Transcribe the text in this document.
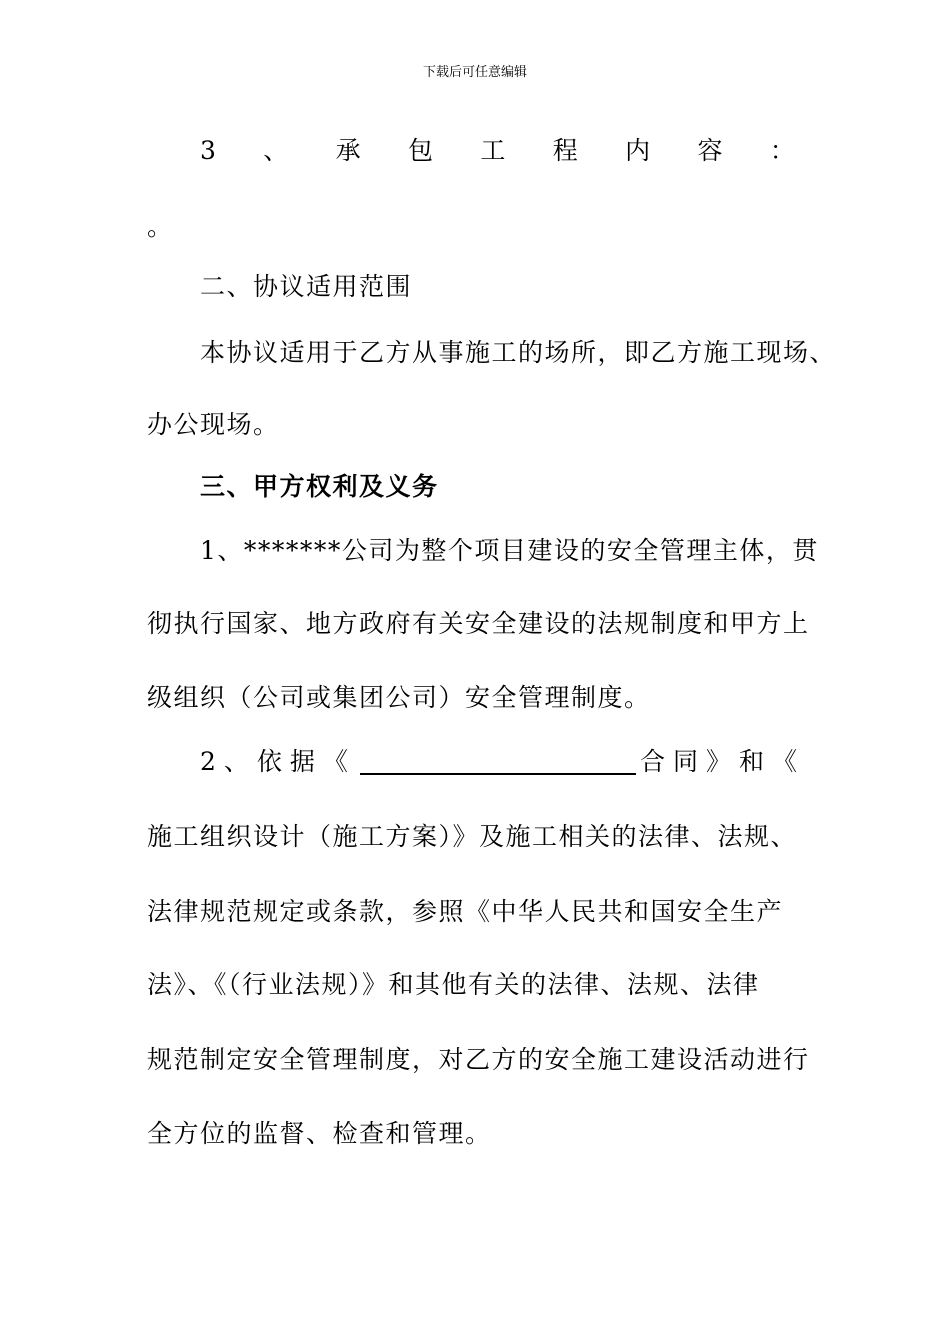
下载后可任意编辑
3 、 承 包 工 程 内 容 ：
。
二、协议适用范围
本协议适用于乙方从事施工的场所，即乙方施工现场、
办公现场。
三、甲方权利及义务
1、*******公司为整个项目建设的安全管理主体，贯
彻执行国家、地方政府有关安全建设的法规制度和甲方上
级组织（公司或集团公司）安全管理制度。
2、依据《	合同》和《
施工组织设计（施工方案）》及施工相关的法律、法规、
法律规范规定或条款，参照《中华人民共和国安全生产
法》、《（行业法规）》和其他有关的法律、法规、法律
规范制定安全管理制度，对乙方的安全施工建设活动进行
全方位的监督、检查和管理。
